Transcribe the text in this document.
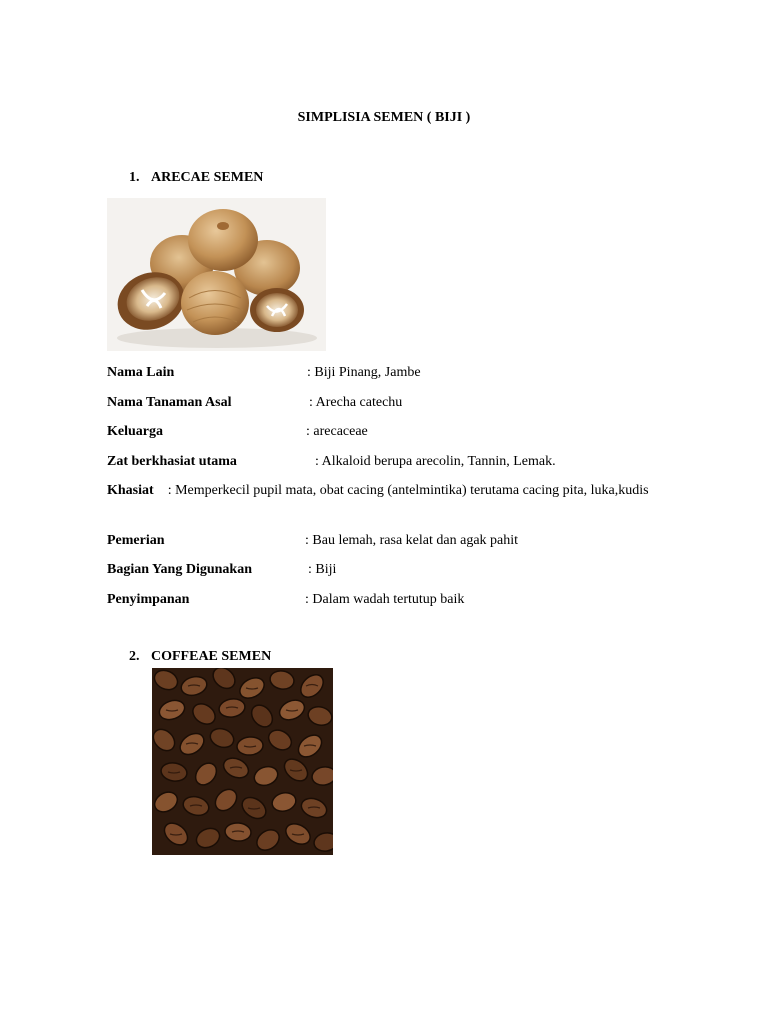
SIMPLISIA SEMEN ( BIJI )
1. ARECAE SEMEN
Nama Lain	: Biji Pinang, Jambe
Nama Tanaman Asal	: Arecha catechu
Keluarga	: arecaceae
Zat berkhasiat utama	: Alkaloid berupa arecolin, Tannin, Lemak.
Khasiat : Memperkecil pupil mata, obat cacing (antelmintika) terutama cacing pita, luka,kudis
Pemerian	: Bau lemah, rasa kelat dan agak pahit
Bagian Yang Digunakan	: Biji
Penyimpanan	: Dalam wadah tertutup baik
2. COFFEAE SEMEN
